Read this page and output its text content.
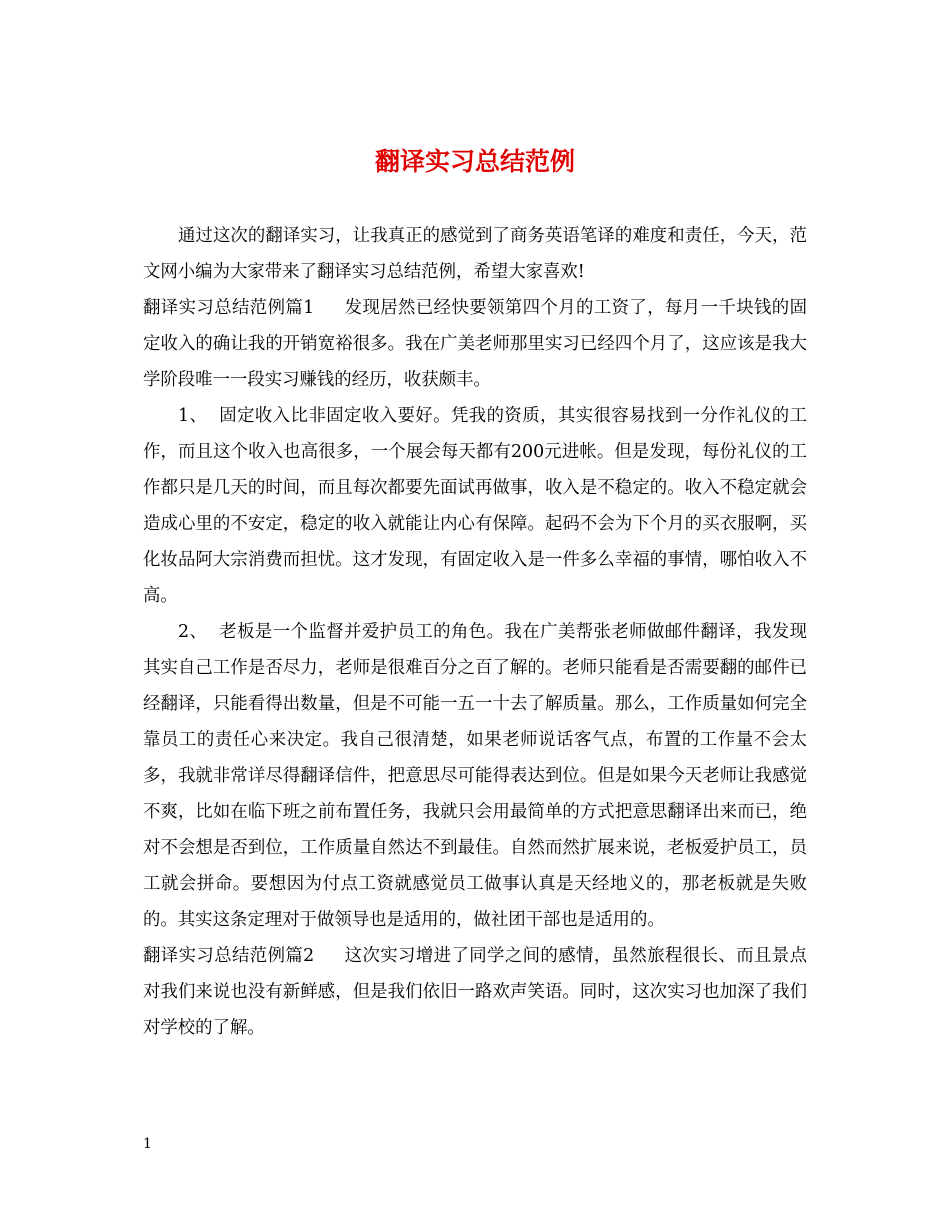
翻译实习总结范例

通过这次的翻译实习，让我真正的感觉到了商务英语笔译的难度和责任，今天，范文网小编为大家带来了翻译实习总结范例，希望大家喜欢!

翻译实习总结范例篇1 发现居然已经快要领第四个月的工资了，每月一千块钱的固定收入的确让我的开销宽裕很多。我在广美老师那里实习已经四个月了，这应该是我大学阶段唯一一段实习赚钱的经历，收获颇丰。

1、 固定收入比非固定收入要好。凭我的资质，其实很容易找到一分作礼仪的工作，而且这个收入也高很多，一个展会每天都有200元进帐。但是发现，每份礼仪的工作都只是几天的时间，而且每次都要先面试再做事，收入是不稳定的。收入不稳定就会造成心里的不安定，稳定的收入就能让内心有保障。起码不会为下个月的买衣服啊，买化妆品阿大宗消费而担忧。这才发现，有固定收入是一件多么幸福的事情，哪怕收入不高。

2、 老板是一个监督并爱护员工的角色。我在广美帮张老师做邮件翻译，我发现其实自己工作是否尽力，老师是很难百分之百了解的。老师只能看是否需要翻的邮件已经翻译，只能看得出数量，但是不可能一五一十去了解质量。那么，工作质量如何完全靠员工的责任心来决定。我自己很清楚，如果老师说话客气点，布置的工作量不会太多，我就非常详尽得翻译信件，把意思尽可能得表达到位。但是如果今天老师让我感觉不爽，比如在临下班之前布置任务，我就只会用最简单的方式把意思翻译出来而已，绝对不会想是否到位，工作质量自然达不到最佳。自然而然扩展来说，老板爱护员工，员工就会拼命。要想因为付点工资就感觉员工做事认真是天经地义的，那老板就是失败的。其实这条定理对于做领导也是适用的，做社团干部也是适用的。

翻译实习总结范例篇2 这次实习增进了同学之间的感情，虽然旅程很长、而且景点对我们来说也没有新鲜感，但是我们依旧一路欢声笑语。同时，这次实习也加深了我们对学校的了解。

1
